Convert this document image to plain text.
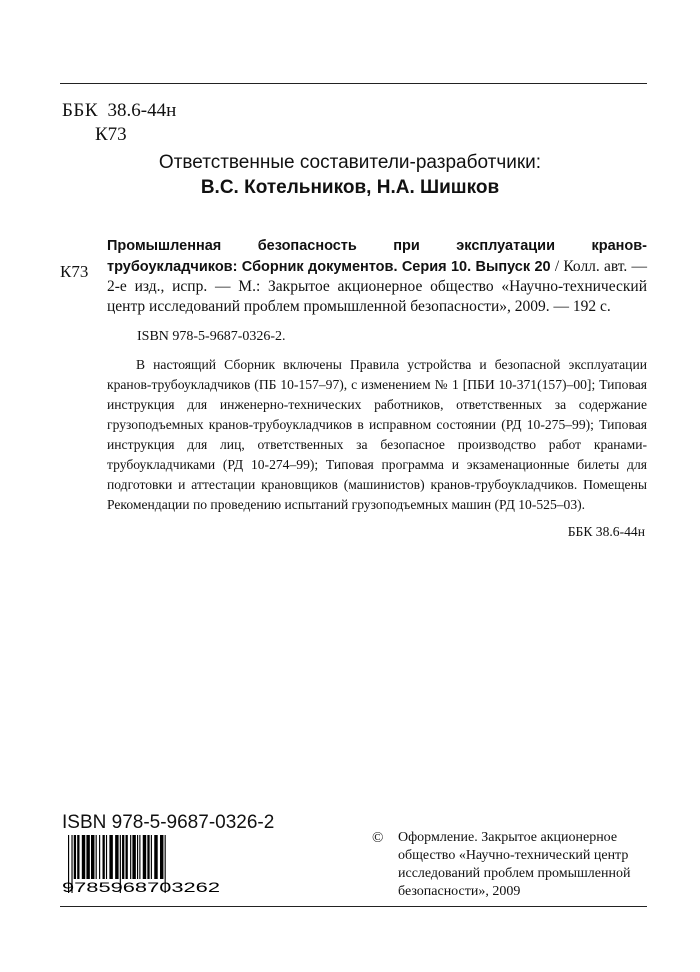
ББК 38.6-44н
К73
Ответственные составители-разработчики:
В.С. Котельников, Н.А. Шишков
К73
Промышленная безопасность при эксплуатации кранов-трубоукладчиков: Сборник документов. Серия 10. Выпуск 20 / Колл. авт. — 2-е изд., испр. — М.: Закрытое акционерное общество «Научно-технический центр исследований проблем промышленной безопасности», 2009. — 192 с.
ISBN 978-5-9687-0326-2.
В настоящий Сборник включены Правила устройства и безопасной эксплуатации кранов-трубоукладчиков (ПБ 10-157–97), с изменением № 1 [ПБИ 10-371(157)–00]; Типовая инструкция для инженерно-технических работников, ответственных за содержание грузоподъемных кранов-трубоукладчиков в исправном состоянии (РД 10-275–99); Типовая инструкция для лиц, ответственных за безопасное производство работ кранами-трубоукладчиками (РД 10-274–99); Типовая программа и экзаменационные билеты для подготовки и аттестации крановщиков (машинистов) кранов-трубоукладчиков. Помещены Рекомендации по проведению испытаний грузоподъемных машин (РД 10-525–03).
ББК 38.6-44н
ISBN 978-5-9687-0326-2
9785968703262
© Оформление. Закрытое акционерное общество «Научно-технический центр исследований проблем промышленной безопасности», 2009
